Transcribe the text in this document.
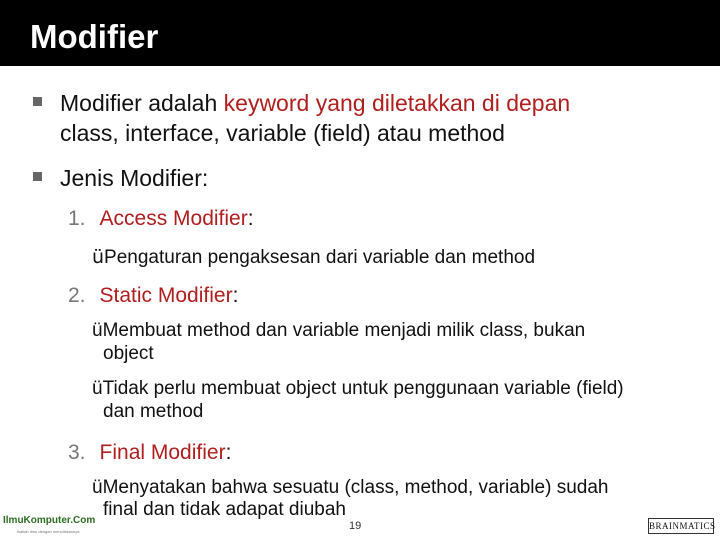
Modifier
Modifier adalah keyword yang diletakkan di depan
class, interface, variable (field) atau method
Jenis Modifier:
1. Access Modifier:
üPengaturan pengaksesan dari variable dan method
2. Static Modifier:
üMembuat method dan variable menjadi milik class, bukan
object
üTidak perlu membuat object untuk penggunaan variable (field)
dan method
3. Final Modifier:
üMenyatakan bahwa sesuatu (class, method, variable) sudah
final dan tidak adapat diubah
IlmuKomputer.Com
Ikatlah ilmu dengan menuliskannya	19	BRAINMATICS
